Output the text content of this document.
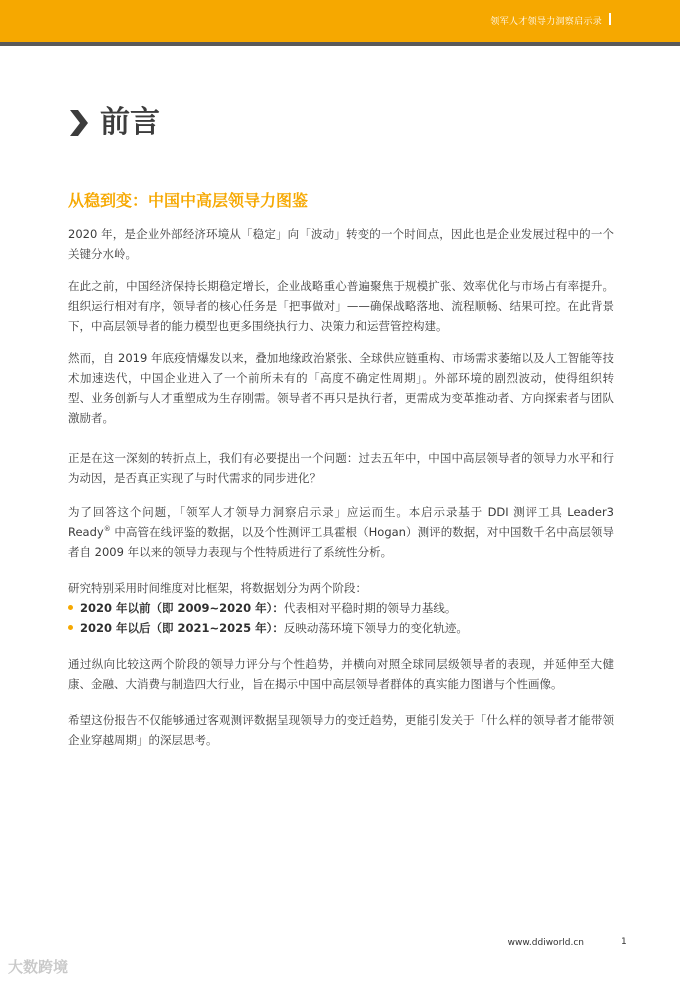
领军人才领导力洞察启示录
前言
从稳到变：中国中高层领导力图鉴
2020 年，是企业外部经济环境从「稳定」向「波动」转变的一个时间点，因此也是企业发展过程中的一个关键分水岭。
在此之前，中国经济保持长期稳定增长，企业战略重心普遍聚焦于规模扩张、效率优化与市场占有率提升。组织运行相对有序，领导者的核心任务是「把事做对」——确保战略落地、流程顺畅、结果可控。在此背景下，中高层领导者的能力模型也更多围绕执行力、决策力和运营管控构建。
然而，自 2019 年底疫情爆发以来，叠加地缘政治紧张、全球供应链重构、市场需求萎缩以及人工智能等技术加速迭代，中国企业进入了一个前所未有的「高度不确定性周期」。外部环境的剧烈波动，使得组织转型、业务创新与人才重塑成为生存刚需。领导者不再只是执行者，更需成为变革推动者、方向探索者与团队激励者。
正是在这一深刻的转折点上，我们有必要提出一个问题：过去五年中，中国中高层领导者的领导力水平和行为动因，是否真正实现了与时代需求的同步进化？
为了回答这个问题，「领军人才领导力洞察启示录」应运而生。本启示录基于 DDI 测评工具 Leader3 Ready® 中高管在线评鉴的数据，以及个性测评工具霍根（Hogan）测评的数据，对中国数千名中高层领导者自 2009 年以来的领导力表现与个性特质进行了系统性分析。
研究特别采用时间维度对比框架，将数据划分为两个阶段：
2020 年以前（即 2009~2020 年）：代表相对平稳时期的领导力基线。
2020 年以后（即 2021~2025 年）：反映动荡环境下领导力的变化轨迹。
通过纵向比较这两个阶段的领导力评分与个性趋势，并横向对照全球同层级领导者的表现，并延伸至大健康、金融、大消费与制造四大行业，旨在揭示中国中高层领导者群体的真实能力图谱与个性画像。
希望这份报告不仅能够通过客观测评数据呈现领导力的变迁趋势，更能引发关于「什么样的领导者才能带领企业穿越周期」的深层思考。
www.ddiworld.cn	1
大数跨境
